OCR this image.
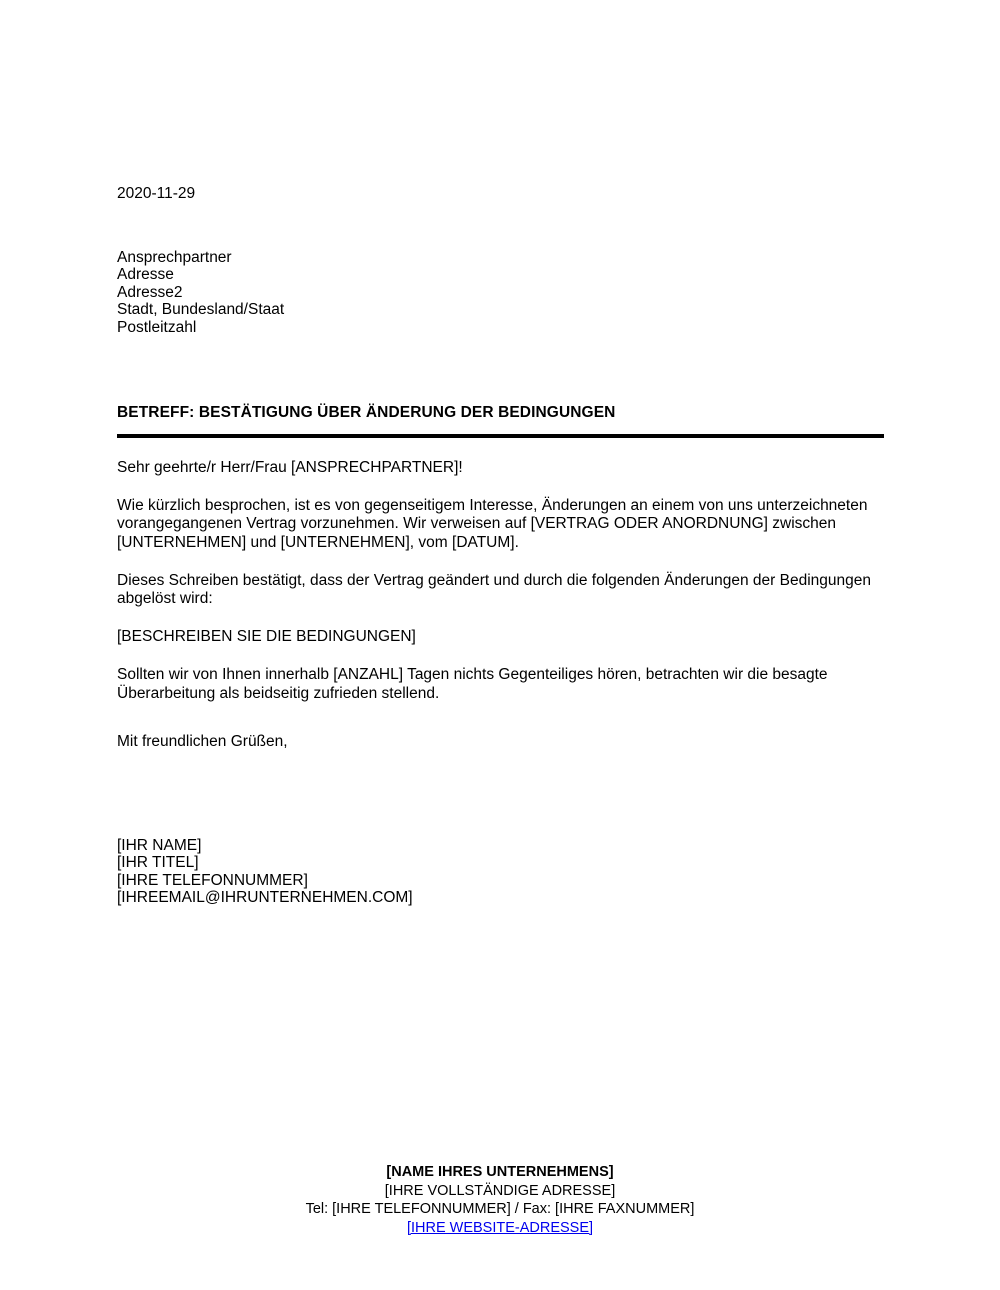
2020-11-29

Ansprechpartner
Adresse
Adresse2
Stadt, Bundesland/Staat
Postleitzahl

BETREFF: BESTÄTIGUNG ÜBER ÄNDERUNG DER BEDINGUNGEN

Sehr geehrte/r Herr/Frau [ANSPRECHPARTNER]!

Wie kürzlich besprochen, ist es von gegenseitigem Interesse, Änderungen an einem von uns unterzeichneten vorangegangenen Vertrag vorzunehmen. Wir verweisen auf [VERTRAG ODER ANORDNUNG] zwischen [UNTERNEHMEN] und [UNTERNEHMEN], vom [DATUM].

Dieses Schreiben bestätigt, dass der Vertrag geändert und durch die folgenden Änderungen der Bedingungen abgelöst wird:

[BESCHREIBEN SIE DIE BEDINGUNGEN]

Sollten wir von Ihnen innerhalb [ANZAHL] Tagen nichts Gegenteiliges hören, betrachten wir die besagte Überarbeitung als beidseitig zufrieden stellend.

Mit freundlichen Grüßen,

[IHR NAME]
[IHR TITEL]
[IHRE TELEFONNUMMER]
[IHREEMAIL@IHRUNTERNEHMEN.COM]

[NAME IHRES UNTERNEHMENS]

[IHRE VOLLSTÄNDIGE ADRESSE]

Tel: [IHRE TELEFONNUMMER] / Fax: [IHRE FAXNUMMER]

[IHRE WEBSITE-ADRESSE]
